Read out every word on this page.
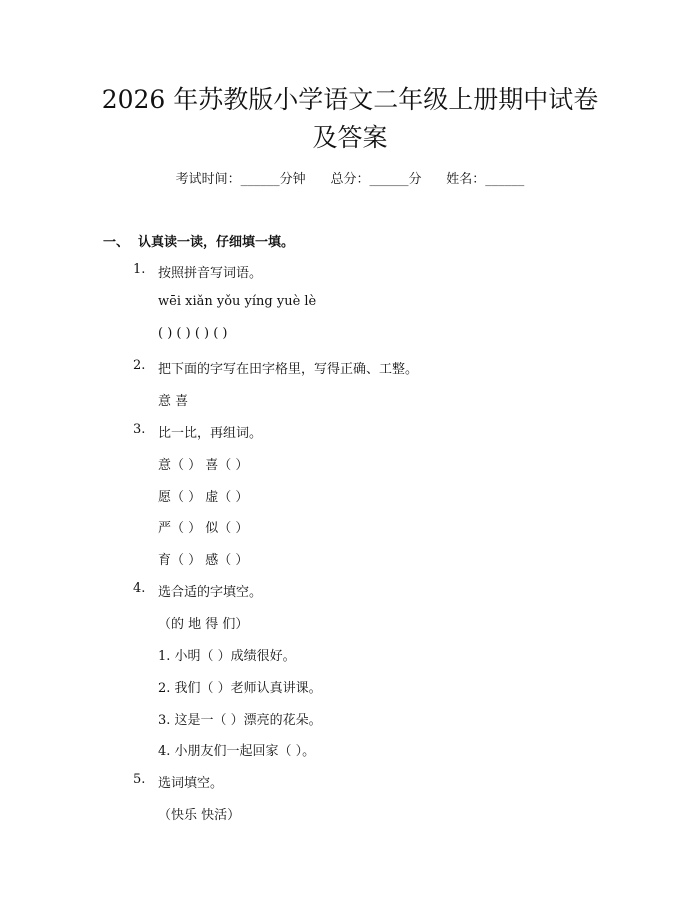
2026 年苏教版小学语文二年级上册期中试卷
及答案
考试时间：______分钟 总分：______分 姓名：______
一、  认真读一读，仔细填一填。
1. 按照拼音写词语。
wēi xiǎn yǒu yíng yuè lè
( ) ( ) ( ) ( )
2. 把下面的字写在田字格里，写得正确、工整。
意 喜
3. 比一比，再组词。
意（ ） 喜（ ）
愿（ ） 虚（ ）
严（ ） 似（ ）
育（ ） 感（ ）
4. 选合适的字填空。
（的 地 得 们）
1. 小明（ ）成绩很好。
2. 我们（ ）老师认真讲课。
3. 这是一（ ）漂亮的花朵。
4. 小朋友们一起回家（ ）。
5. 选词填空。
（快乐 快活）
